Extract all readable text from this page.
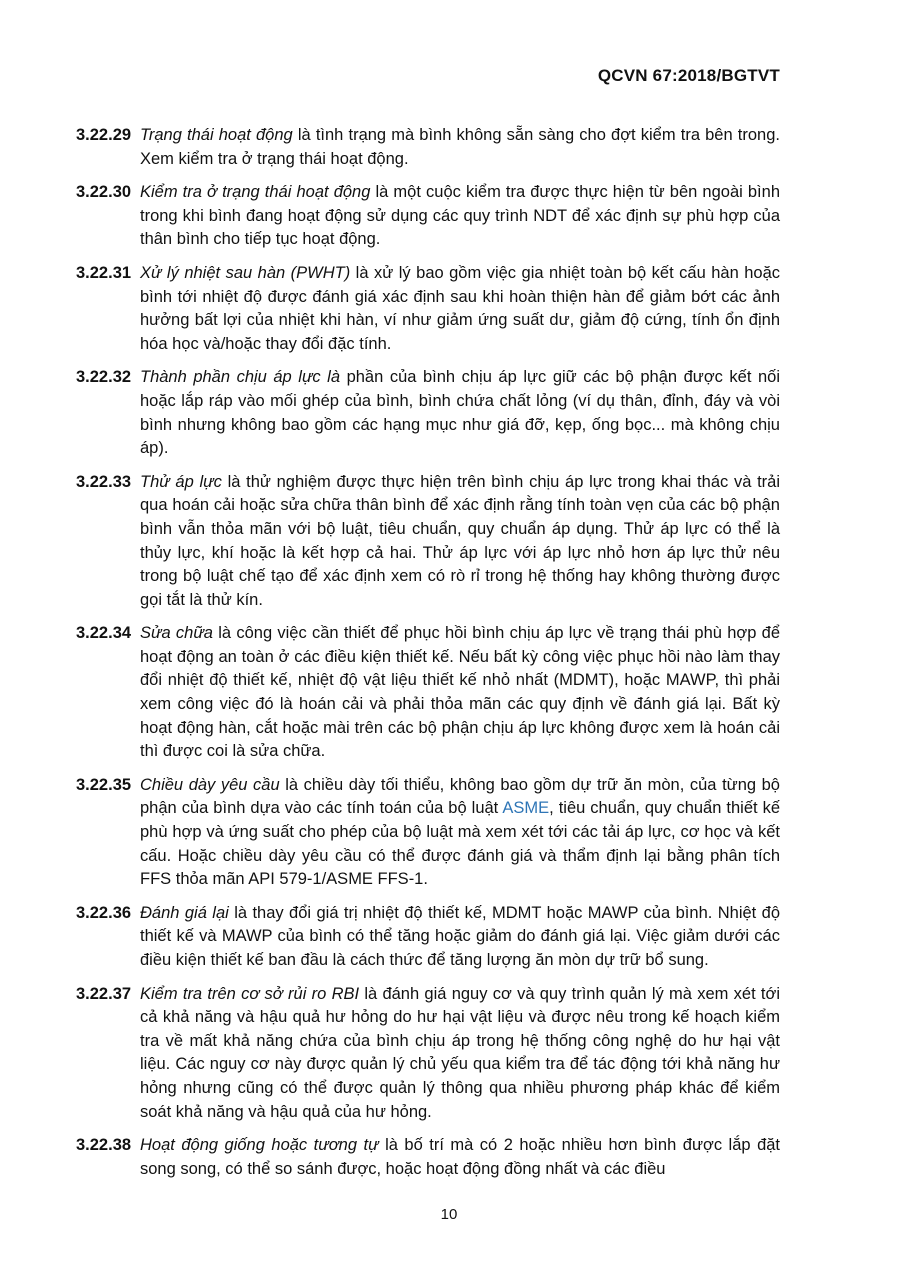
QCVN 67:2018/BGTVT
3.22.29 Trạng thái hoạt động là tình trạng mà bình không sẵn sàng cho đợt kiểm tra bên trong. Xem kiểm tra ở trạng thái hoạt động.
3.22.30 Kiểm tra ở trạng thái hoạt động là một cuộc kiểm tra được thực hiện từ bên ngoài bình trong khi bình đang hoạt động sử dụng các quy trình NDT để xác định sự phù hợp của thân bình cho tiếp tục hoạt động.
3.22.31 Xử lý nhiệt sau hàn (PWHT) là xử lý bao gồm việc gia nhiệt toàn bộ kết cấu hàn hoặc bình tới nhiệt độ được đánh giá xác định sau khi hoàn thiện hàn để giảm bớt các ảnh hưởng bất lợi của nhiệt khi hàn, ví như giảm ứng suất dư, giảm độ cứng, tính ổn định hóa học và/hoặc thay đổi đặc tính.
3.22.32 Thành phần chịu áp lực là phần của bình chịu áp lực giữ các bộ phận được kết nối hoặc lắp ráp vào mối ghép của bình, bình chứa chất lỏng (ví dụ thân, đỉnh, đáy và vòi bình nhưng không bao gồm các hạng mục như giá đỡ, kẹp, ống bọc... mà không chịu áp).
3.22.33 Thử áp lực là thử nghiệm được thực hiện trên bình chịu áp lực trong khai thác và trải qua hoán cải hoặc sửa chữa thân bình để xác định rằng tính toàn vẹn của các bộ phận bình vẫn thỏa mãn với bộ luật, tiêu chuẩn, quy chuẩn áp dụng. Thử áp lực có thể là thủy lực, khí hoặc là kết hợp cả hai. Thử áp lực với áp lực nhỏ hơn áp lực thử nêu trong bộ luật chế tạo để xác định xem có rò rỉ trong hệ thống hay không thường được gọi tắt là thử kín.
3.22.34 Sửa chữa là công việc cần thiết để phục hồi bình chịu áp lực về trạng thái phù hợp để hoạt động an toàn ở các điều kiện thiết kế. Nếu bất kỳ công việc phục hồi nào làm thay đổi nhiệt độ thiết kế, nhiệt độ vật liệu thiết kế nhỏ nhất (MDMT), hoặc MAWP, thì phải xem công việc đó là hoán cải và phải thỏa mãn các quy định về đánh giá lại. Bất kỳ hoạt động hàn, cắt hoặc mài trên các bộ phận chịu áp lực không được xem là hoán cải thì được coi là sửa chữa.
3.22.35 Chiều dày yêu cầu là chiều dày tối thiểu, không bao gồm dự trữ ăn mòn, của từng bộ phận của bình dựa vào các tính toán của bộ luật ASME, tiêu chuẩn, quy chuẩn thiết kế phù hợp và ứng suất cho phép của bộ luật mà xem xét tới các tải áp lực, cơ học và kết cấu. Hoặc chiều dày yêu cầu có thể được đánh giá và thẩm định lại bằng phân tích FFS thỏa mãn API 579-1/ASME FFS-1.
3.22.36 Đánh giá lại là thay đổi giá trị nhiệt độ thiết kế, MDMT hoặc MAWP của bình. Nhiệt độ thiết kế và MAWP của bình có thể tăng hoặc giảm do đánh giá lại. Việc giảm dưới các điều kiện thiết kế ban đầu là cách thức để tăng lượng ăn mòn dự trữ bổ sung.
3.22.37 Kiểm tra trên cơ sở rủi ro RBI là đánh giá nguy cơ và quy trình quản lý mà xem xét tới cả khả năng và hậu quả hư hỏng do hư hại vật liệu và được nêu trong kế hoạch kiểm tra về mất khả năng chứa của bình chịu áp trong hệ thống công nghệ do hư hại vật liệu. Các nguy cơ này được quản lý chủ yếu qua kiểm tra để tác động tới khả năng hư hỏng nhưng cũng có thể được quản lý thông qua nhiều phương pháp khác để kiểm soát khả năng và hậu quả của hư hỏng.
3.22.38 Hoạt động giống hoặc tương tự là bố trí mà có 2 hoặc nhiều hơn bình được lắp đặt song song, có thể so sánh được, hoặc hoạt động đồng nhất và các điều
10
